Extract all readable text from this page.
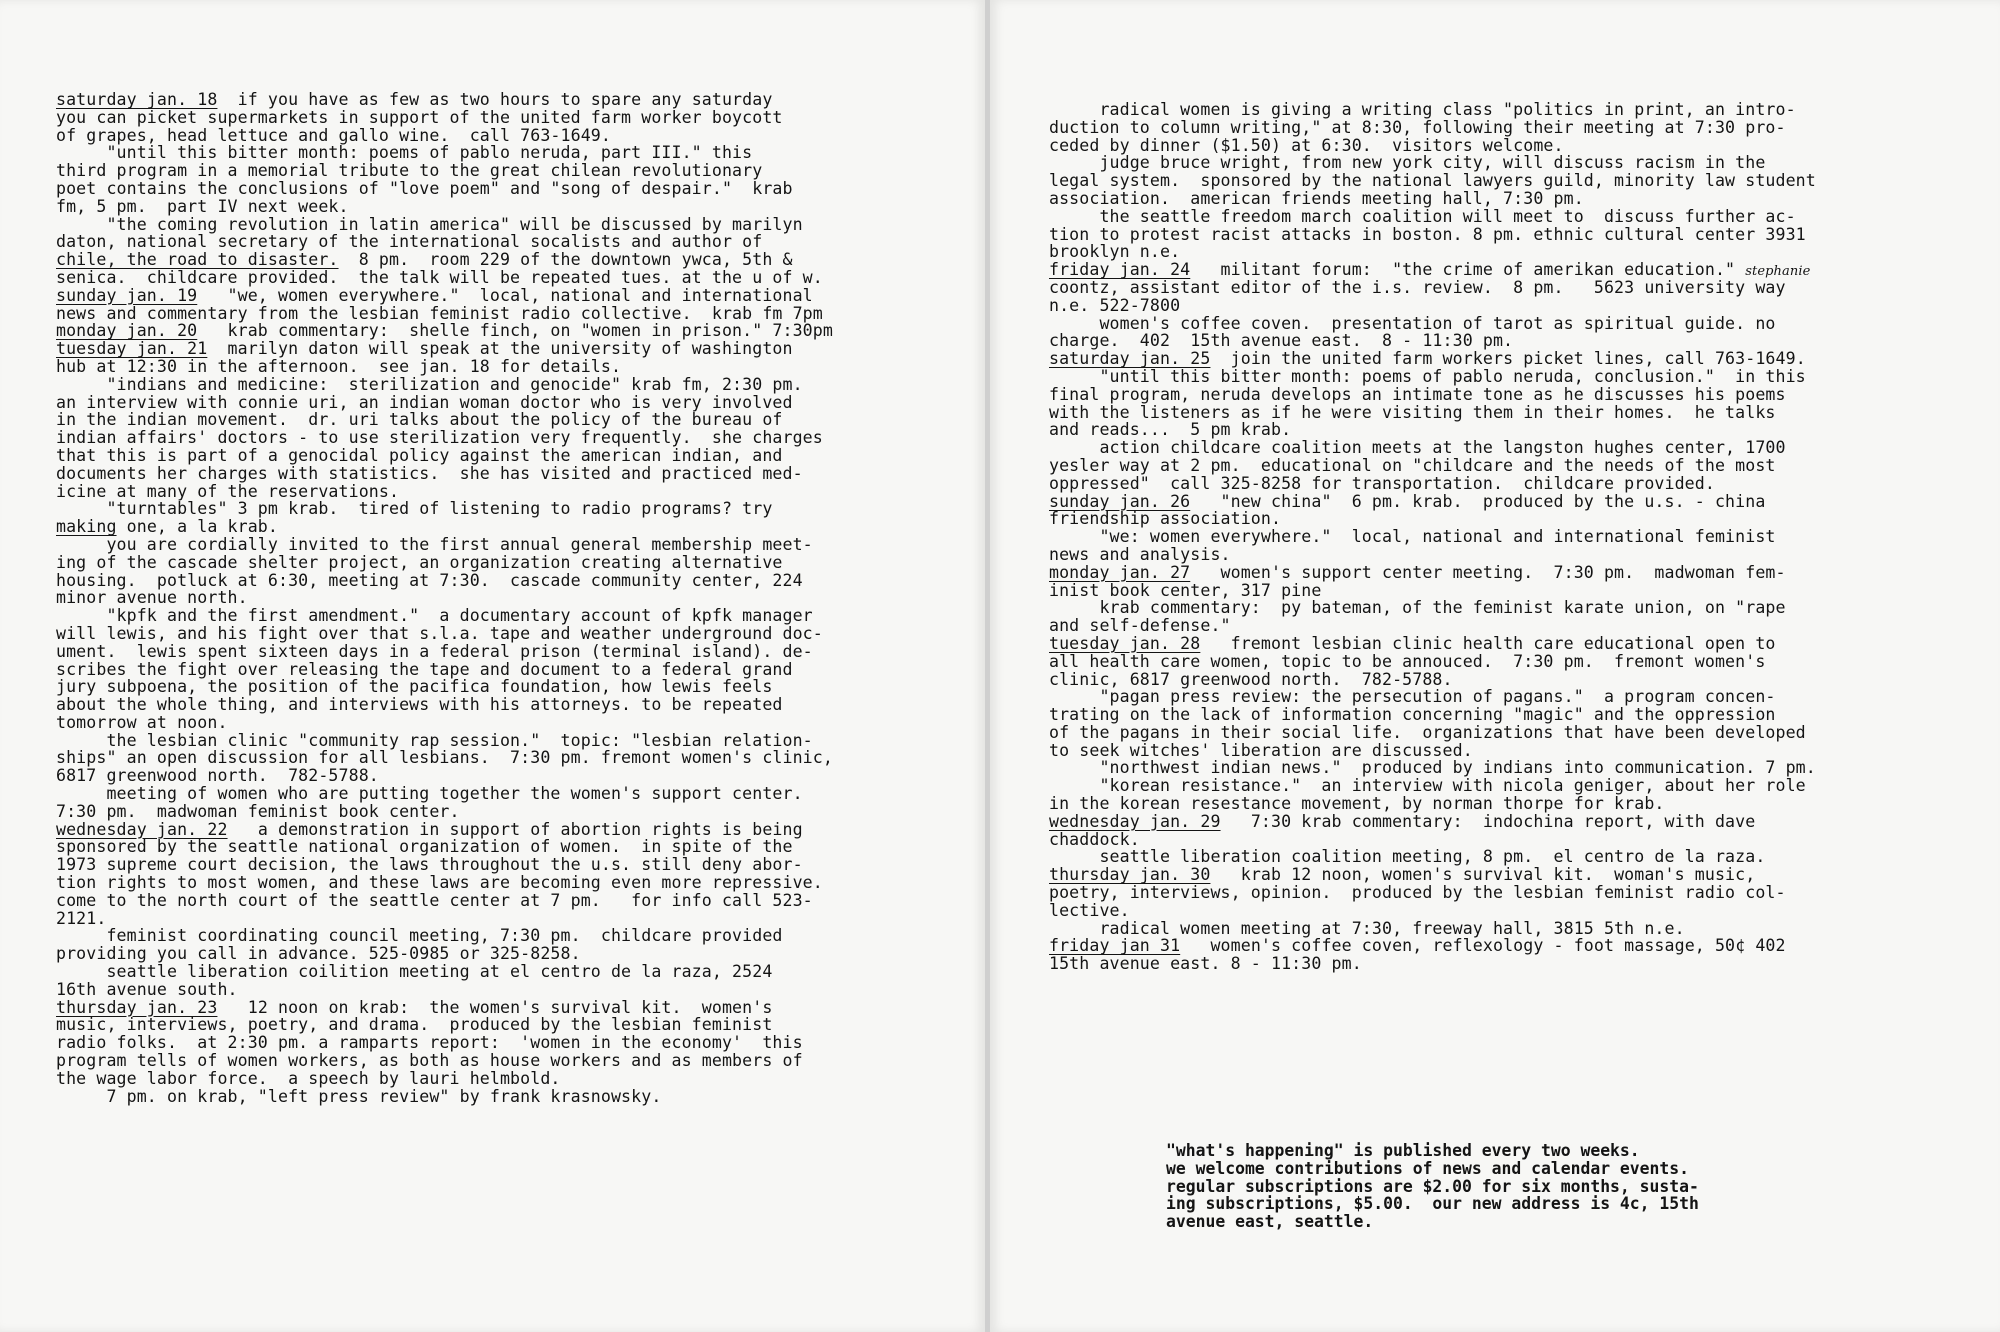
saturday jan. 18  if you have as few as two hours to spare any saturday
you can picket supermarkets in support of the united farm worker boycott
of grapes, head lettuce and gallo wine.  call 763-1649.
"until this bitter month: poems of pablo neruda, part III." this
third program in a memorial tribute to the great chilean revolutionary
poet contains the conclusions of "love poem" and "song of despair."  krab
fm, 5 pm.  part IV next week.
"the coming revolution in latin america" will be discussed by marilyn
daton, national secretary of the international socalists and author of
chile, the road to disaster.  8 pm.  room 229 of the downtown ywca, 5th &
senica.  childcare provided.  the talk will be repeated tues. at the u of w.
sunday jan. 19   "we, women everywhere."  local, national and international
news and commentary from the lesbian feminist radio collective.  krab fm 7pm
monday jan. 20   krab commentary:  shelle finch, on "women in prison." 7:30pm
tuesday jan. 21  marilyn daton will speak at the university of washington
hub at 12:30 in the afternoon.  see jan. 18 for details.
"indians and medicine:  sterilization and genocide" krab fm, 2:30 pm.
an interview with connie uri, an indian woman doctor who is very involved
in the indian movement.  dr. uri talks about the policy of the bureau of
indian affairs' doctors - to use sterilization very frequently.  she charges
that this is part of a genocidal policy against the american indian, and
documents her charges with statistics.  she has visited and practiced med-
icine at many of the reservations.
"turntables" 3 pm krab.  tired of listening to radio programs? try
making one, a la krab.
you are cordially invited to the first annual general membership meet-
ing of the cascade shelter project, an organization creating alternative
housing.  potluck at 6:30, meeting at 7:30.  cascade community center, 224
minor avenue north.
"kpfk and the first amendment."  a documentary account of kpfk manager
will lewis, and his fight over that s.l.a. tape and weather underground doc-
ument.  lewis spent sixteen days in a federal prison (terminal island). de-
scribes the fight over releasing the tape and document to a federal grand
jury subpoena, the position of the pacifica foundation, how lewis feels
about the whole thing, and interviews with his attorneys. to be repeated
tomorrow at noon.
the lesbian clinic "community rap session."  topic: "lesbian relation-
ships" an open discussion for all lesbians.  7:30 pm. fremont women's clinic,
6817 greenwood north.  782-5788.
meeting of women who are putting together the women's support center.
7:30 pm.  madwoman feminist book center.
wednesday jan. 22   a demonstration in support of abortion rights is being
sponsored by the seattle national organization of women.  in spite of the
1973 supreme court decision, the laws throughout the u.s. still deny abor-
tion rights to most women, and these laws are becoming even more repressive.
come to the north court of the seattle center at 7 pm.   for info call 523-
2121.
feminist coordinating council meeting, 7:30 pm.  childcare provided
providing you call in advance. 525-0985 or 325-8258.
seattle liberation coilition meeting at el centro de la raza, 2524
16th avenue south.
thursday jan. 23   12 noon on krab:  the women's survival kit.  women's
music, interviews, poetry, and drama.  produced by the lesbian feminist
radio folks.  at 2:30 pm. a ramparts report:  'women in the economy'  this
program tells of women workers, as both as house workers and as members of
the wage labor force.  a speech by lauri helmbold.
7 pm. on krab, "left press review" by frank krasnowsky.
radical women is giving a writing class "politics in print, an intro-
duction to column writing," at 8:30, following their meeting at 7:30 pro-
ceded by dinner ($1.50) at 6:30.  visitors welcome.
judge bruce wright, from new york city, will discuss racism in the
legal system.  sponsored by the national lawyers guild, minority law student
association.  american friends meeting hall, 7:30 pm.
the seattle freedom march coalition will meet to  discuss further ac-
tion to protest racist attacks in boston. 8 pm. ethnic cultural center 3931
brooklyn n.e.
friday jan. 24   militant forum:  "the crime of amerikan education." stephanie
coontz, assistant editor of the i.s. review.  8 pm.   5623 university way
n.e. 522-7800
women's coffee coven.  presentation of tarot as spiritual guide. no
charge.  402  15th avenue east.  8 - 11:30 pm.
saturday jan. 25  join the united farm workers picket lines, call 763-1649.
"until this bitter month: poems of pablo neruda, conclusion."  in this
final program, neruda develops an intimate tone as he discusses his poems
with the listeners as if he were visiting them in their homes.  he talks
and reads...  5 pm krab.
action childcare coalition meets at the langston hughes center, 1700
yesler way at 2 pm.  educational on "childcare and the needs of the most
oppressed"  call 325-8258 for transportation.  childcare provided.
sunday jan. 26   "new china"  6 pm. krab.  produced by the u.s. - china
friendship association.
"we: women everywhere."  local, national and international feminist
news and analysis.
monday jan. 27   women's support center meeting.  7:30 pm.  madwoman fem-
inist book center, 317 pine
krab commentary:  py bateman, of the feminist karate union, on "rape
and self-defense."
tuesday jan. 28   fremont lesbian clinic health care educational open to
all health care women, topic to be annouced.  7:30 pm.  fremont women's
clinic, 6817 greenwood north.  782-5788.
"pagan press review: the persecution of pagans."  a program concen-
trating on the lack of information concerning "magic" and the oppression
of the pagans in their social life.  organizations that have been developed
to seek witches' liberation are discussed.
"northwest indian news."  produced by indians into communication. 7 pm.
"korean resistance."  an interview with nicola geniger, about her role
in the korean resestance movement, by norman thorpe for krab.
wednesday jan. 29   7:30 krab commentary:  indochina report, with dave
chaddock.
seattle liberation coalition meeting, 8 pm.  el centro de la raza.
thursday jan. 30   krab 12 noon, women's survival kit.  woman's music,
poetry, interviews, opinion.  produced by the lesbian feminist radio col-
lective.
radical women meeting at 7:30, freeway hall, 3815 5th n.e.
friday jan 31   women's coffee coven, reflexology - foot massage, 50¢ 402
15th avenue east. 8 - 11:30 pm.
"what's happening" is published every two weeks.
we welcome contributions of news and calendar events.
regular subscriptions are $2.00 for six months, susta-
ing subscriptions, $5.00.  our new address is 4c, 15th
avenue east, seattle.
